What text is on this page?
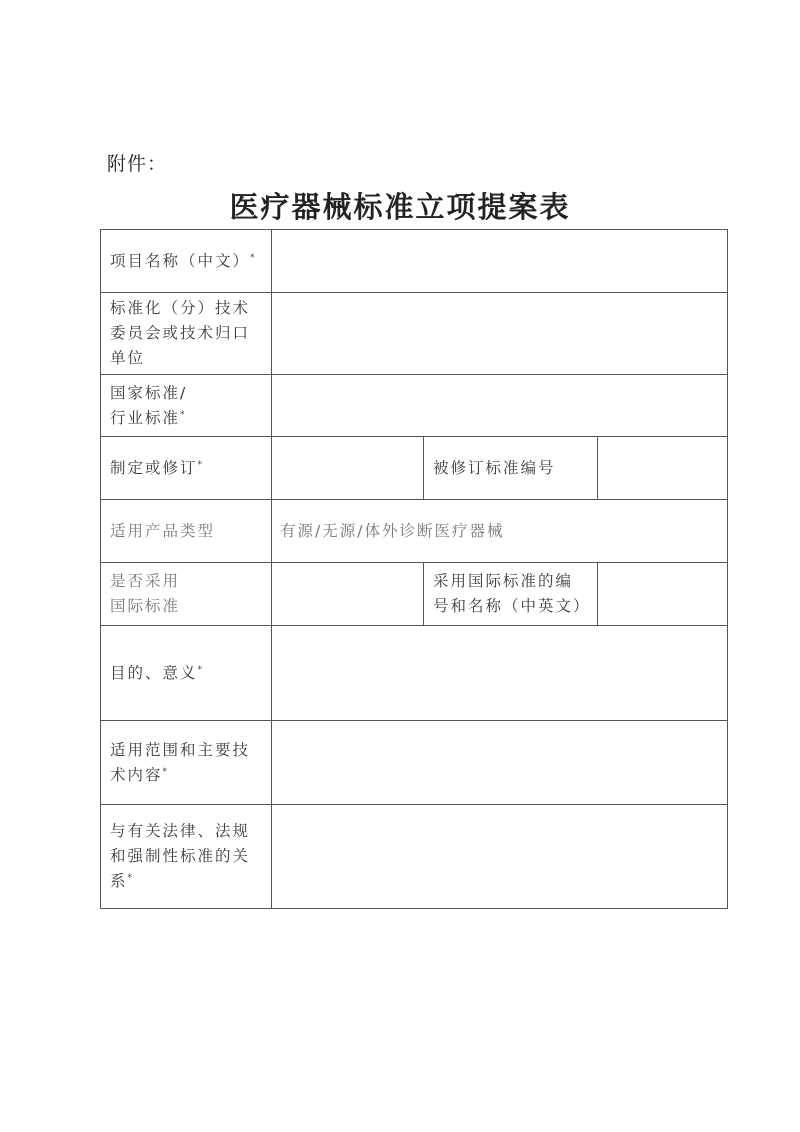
附件：
医疗器械标准立项提案表
项目名称（中文）*	

标准化（分）技术
委员会或技术归口
单位			

国家标准/
行业标准*

制定或修订*		被修订标准编号	
适用产品类型	有源/无源/体外诊断医疗器械		

是否采用
国际标准		采用国际标准的编
号和名称（中英文）	

目的、意义*	

适用范围和主要技
术内容*

与有关法律、法规
和强制性标准的关
系*
